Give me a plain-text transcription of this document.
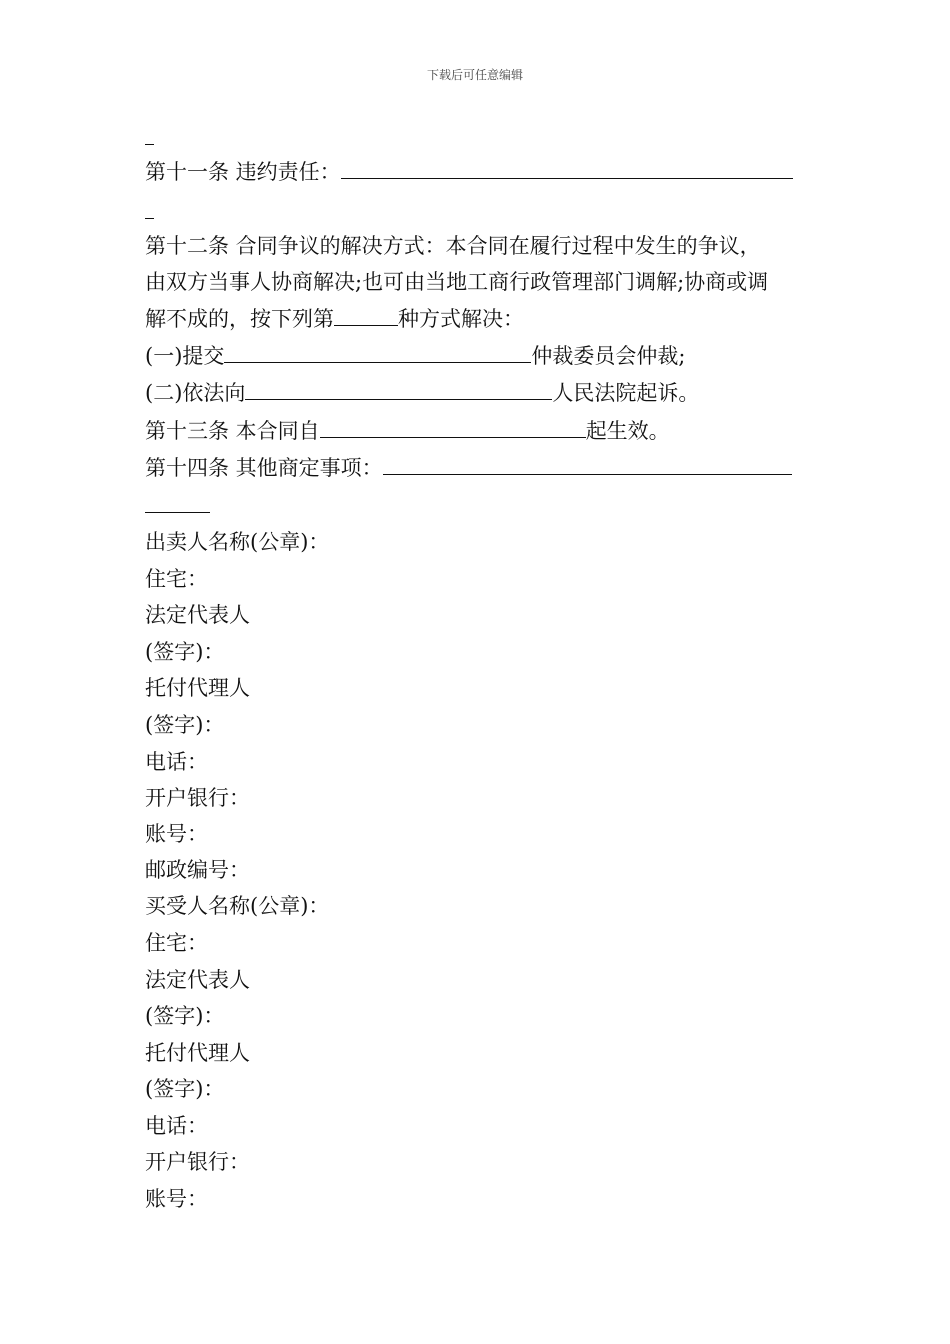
下载后可任意编辑
第十一条 违约责任：
第十二条 合同争议的解决方式：本合同在履行过程中发生的争议，
由双方当事人协商解决;也可由当地工商行政管理部门调解;协商或调
解不成的，按下列第	种方式解决：
(一)提交	仲裁委员会仲裁;
(二)依法向	人民法院起诉。
第十三条 本合同自	起生效。
第十四条 其他商定事项：
出卖人名称(公章)：
住宅：
法定代表人
(签字)：
托付代理人
(签字)：
电话：
开户银行：
账号：
邮政编号：
买受人名称(公章)：
住宅：
法定代表人
(签字)：
托付代理人
(签字)：
电话：
开户银行：
账号：
